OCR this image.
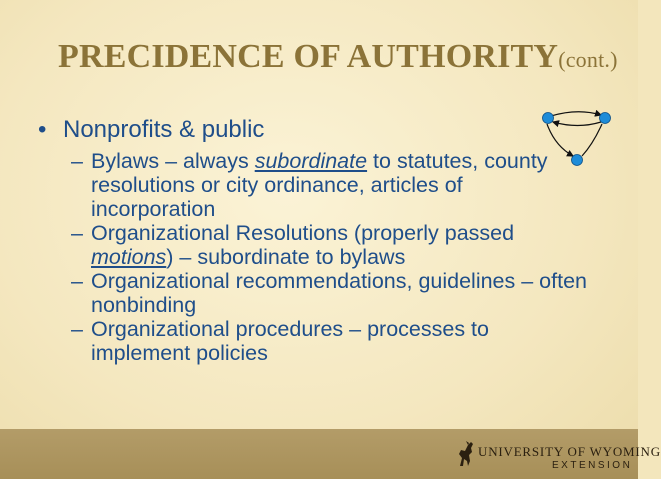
PRECIDENCE OF AUTHORITY(cont.)
• Nonprofits & public
– Bylaws – always subordinate to statutes, county resolutions or city ordinance, articles of incorporation
– Organizational Resolutions (properly passed motions) – subordinate to bylaws
– Organizational recommendations, guidelines – often nonbinding
– Organizational procedures – processes to implement policies
UNIVERSITY OF WYOMING
EXTENSION
